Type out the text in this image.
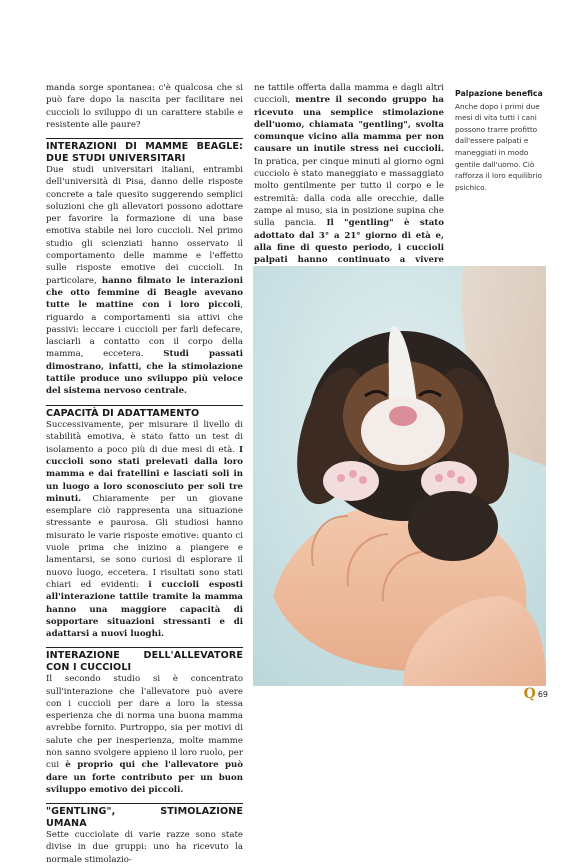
manda sorge spontanea: c'è qualcosa che si può fare dopo la nascita per facilitare nei cuccioli lo sviluppo di un carattere stabile e resistente alle paure?

INTERAZIONI DI MAMME BEAGLE: DUE STUDI UNIVERSITARI

Due studi universitari italiani, entrambi dell'università di Pisa, danno delle risposte concrete a tale quesito suggerendo semplici soluzioni che gli allevatori possono adottare per favorire la formazione di una base emotiva stabile nei loro cuccioli. Nel primo studio gli scienziati hanno osservato il comportamento delle mamme e l'effetto sulle risposte emotive dei cuccioli. In particolare, hanno filmato le interazioni che otto femmine di Beagle avevano tutte le mattine con i loro piccoli, riguardo a comportamenti sia attivi che passivi: leccare i cuccioli per farli defecare, lasciarli a contatto con il corpo della mamma, eccetera. Studi passati dimostrano, infatti, che la stimolazione tattile produce uno sviluppo più veloce del sistema nervoso centrale.

CAPACITÀ DI ADATTAMENTO

Successivamente, per misurare il livello di stabilità emotiva, è stato fatto un test di isolamento a poco più di due mesi di età. I cuccioli sono stati prelevati dalla loro mamma e dai fratellini e lasciati soli in un luogo a loro sconosciuto per soli tre minuti. Chiaramente per un giovane esemplare ciò rappresenta una situazione stressante e paurosa. Gli studiosi hanno misurato le varie risposte emotive: quanto ci vuole prima che inizino a piangere e lamentarsi, se sono curiosi di esplorare il nuovo luogo, eccetera. I risultati sono stati chiari ed evidenti: i cuccioli esposti all'interazione tattile tramite la mamma hanno una maggiore capacità di sopportare situazioni stressanti e di adattarsi a nuovi luoghi.

INTERAZIONE DELL'ALLEVATORE CON I CUCCIOLI

Il secondo studio si è concentrato sull'interazione che l'allevatore può avere con i cuccioli per dare a loro la stessa esperienza che di norma una buona mamma avrebbe fornito. Purtroppo, sia per motivi di salute che per inesperienza, molte mamme non sanno svolgere appieno il loro ruolo, per cui è proprio qui che l'allevatore può dare un forte contributo per un buon sviluppo emotivo dei piccoli.

"GENTLING", STIMOLAZIONE UMANA

Sette cucciolate di varie razze sono state divise in due gruppi: uno ha ricevuto la normale stimolazio-

ne tattile offerta dalla mamma e dagli altri cuccioli, mentre il secondo gruppo ha ricevuto una semplice stimolazione dell'uomo, chiamata "gentling", svolta comunque vicino alla mamma per non causare un inutile stress nei cuccioli. In pratica, per cinque minuti al giorno ogni cucciolo è stato maneggiato e massaggiato molto gentilmente per tutto il corpo e le estremità: dalla coda alle orecchie, dalle zampe al muso, sia in posizione supina che sulla pancia. Il "gentling" è stato adottato dal 3° a 21° giorno di età e, alla fine di questo periodo, i cuccioli palpati hanno continuato a vivere

Palpazione benefica
Anche dopo i primi due mesi di vita tutti i cani possono trarre profitto dall'essere palpati e maneggiati in modo gentile dall'uomo. Ciò rafforza il loro equilibrio psichico.
Q 69
